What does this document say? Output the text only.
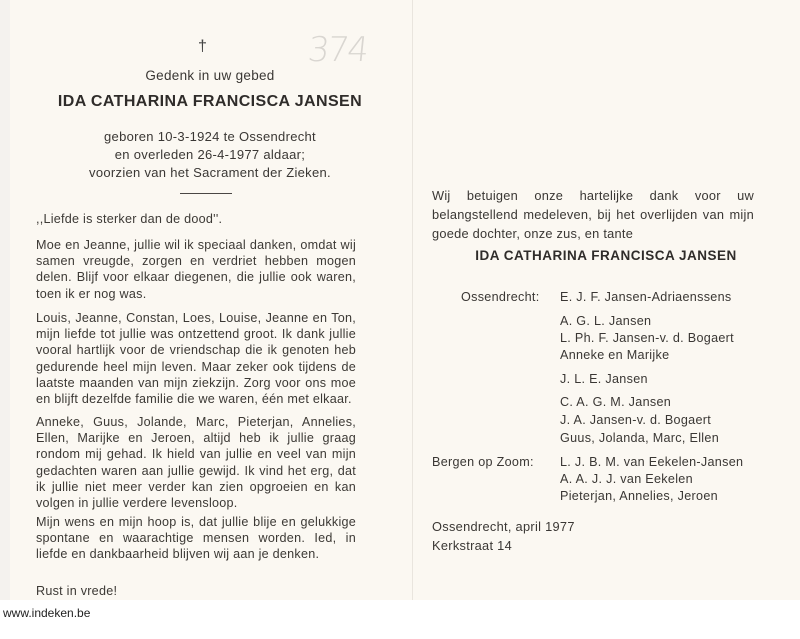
†	374
Gedenk in uw gebed
IDA CATHARINA FRANCISCA JANSEN
geboren 10-3-1924 te Ossendrecht
en overleden 26-4-1977 aldaar;
voorzien van het Sacrament der Zieken.
,,Liefde is sterker dan de dood''.
Moe en Jeanne, jullie wil ik speciaal danken, omdat wij samen vreugde, zorgen en verdriet hebben mogen delen. Blijf voor elkaar diegenen, die jullie ook waren, toen ik er nog was.
Louis, Jeanne, Constan, Loes, Louise, Jeanne en Ton, mijn liefde tot jullie was ontzettend groot. Ik dank jullie vooral hartlijk voor de vriendschap die ik genoten heb gedurende heel mijn leven. Maar zeker ook tijdens de laatste maanden van mijn ziekzijn. Zorg voor ons moe en blijft dezelfde familie die we waren, één met elkaar.
Anneke, Guus, Jolande, Marc, Pieterjan, Annelies, Ellen, Marijke en Jeroen, altijd heb ik jullie graag rondom mij gehad. Ik hield van jullie en veel van mijn gedachten waren aan jullie gewijd. Ik vind het erg, dat ik jullie niet meer verder kan zien opgroeien en kan volgen in jullie verdere levensloop.
Mijn wens en mijn hoop is, dat jullie blije en gelukkige spontane en waarachtige mensen worden. Ied, in liefde en dankbaarheid blijven wij aan je denken.
Rust in vrede!
Wij betuigen onze hartelijke dank voor uw belangstellend medeleven, bij het overlijden van mijn goede dochter, onze zus, en tante
IDA CATHARINA FRANCISCA JANSEN
Ossendrecht: E. J. F. Jansen-Adriaenssens
A. G. L. Jansen
L. Ph. F. Jansen-v. d. Bogaert
Anneke en Marijke
J. L. E. Jansen
C. A. G. M. Jansen
J. A. Jansen-v. d. Bogaert
Guus, Jolanda, Marc, Ellen
Bergen op Zoom: L. J. B. M. van Eekelen-Jansen
A. A. J. J. van Eekelen
Pieterjan, Annelies, Jeroen
Ossendrecht, april 1977
Kerkstraat 14
www.indeken.be
